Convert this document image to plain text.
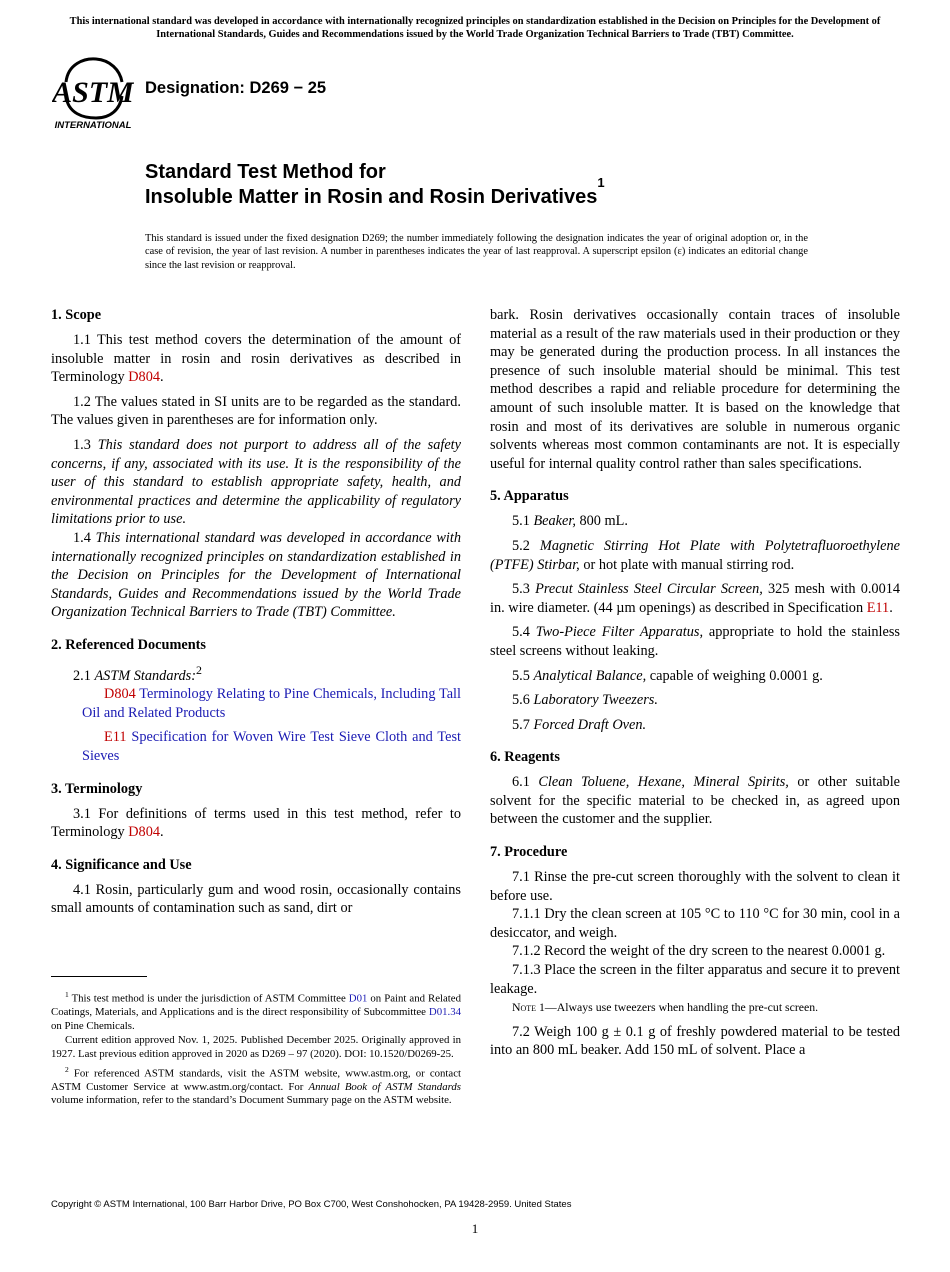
This international standard was developed in accordance with internationally recognized principles on standardization established in the Decision on Principles for the Development of International Standards, Guides and Recommendations issued by the World Trade Organization Technical Barriers to Trade (TBT) Committee.
ASTM
INTERNATIONAL
Designation: D269 − 25
Standard Test Method for
Insoluble Matter in Rosin and Rosin Derivatives$^1$
This standard is issued under the fixed designation D269; the number immediately following the designation indicates the year of original adoption or, in the case of revision, the year of last revision. A number in parentheses indicates the year of last reapproval. A superscript epsilon (ε) indicates an editorial change since the last revision or reapproval.
1. Scope

1.1 This test method covers the determination of the amount of insoluble matter in rosin and rosin derivatives as described in Terminology D804.

1.2 The values stated in SI units are to be regarded as the standard. The values given in parentheses are for information only.

1.3 This standard does not purport to address all of the safety concerns, if any, associated with its use. It is the responsibility of the user of this standard to establish appropriate safety, health, and environmental practices and determine the applicability of regulatory limitations prior to use.

1.4 This international standard was developed in accordance with internationally recognized principles on standardization established in the Decision on Principles for the Development of International Standards, Guides and Recommendations issued by the World Trade Organization Technical Barriers to Trade (TBT) Committee.

2. Referenced Documents

2.1 ASTM Standards:$^2$

D804 Terminology Relating to Pine Chemicals, Including Tall Oil and Related Products

E11 Specification for Woven Wire Test Sieve Cloth and Test Sieves

3. Terminology

3.1 For definitions of terms used in this test method, refer to Terminology D804.

4. Significance and Use

4.1 Rosin, particularly gum and wood rosin, occasionally contains small amounts of contamination such as sand, dirt or

$^1$ This test method is under the jurisdiction of ASTM Committee D01 on Paint and Related Coatings, Materials, and Applications and is the direct responsibility of Subcommittee D01.34 on Pine Chemicals.

Current edition approved Nov. 1, 2025. Published December 2025. Originally approved in 1927. Last previous edition approved in 2020 as D269 – 97 (2020). DOI: 10.1520/D0269-25.

$^2$ For referenced ASTM standards, visit the ASTM website, www.astm.org, or contact ASTM Customer Service at www.astm.org/contact. For Annual Book of ASTM Standards volume information, refer to the standard’s Document Summary page on the ASTM website.

bark. Rosin derivatives occasionally contain traces of insoluble material as a result of the raw materials used in their production or they may be generated during the production process. In all instances the presence of such insoluble material should be minimal. This test method describes a rapid and reliable procedure for determining the amount of such insoluble matter. It is based on the knowledge that rosin and most of its derivatives are soluble in numerous organic solvents whereas most common contaminants are not. It is especially useful for internal quality control rather than sales specifications.

5. Apparatus

5.1 Beaker, 800 mL.

5.2 Magnetic Stirring Hot Plate with Polytetrafluoroethylene (PTFE) Stirbar, or hot plate with manual stirring rod.

5.3 Precut Stainless Steel Circular Screen, 325 mesh with 0.0014 in. wire diameter. (44 µm openings) as described in Specification E11.

5.4 Two-Piece Filter Apparatus, appropriate to hold the stainless steel screens without leaking.

5.5 Analytical Balance, capable of weighing 0.0001 g.

5.6 Laboratory Tweezers.

5.7 Forced Draft Oven.

6. Reagents

6.1 Clean Toluene, Hexane, Mineral Spirits, or other suitable solvent for the specific material to be checked in, as agreed upon between the customer and the supplier.

7. Procedure

7.1 Rinse the pre-cut screen thoroughly with the solvent to clean it before use.

7.1.1 Dry the clean screen at 105 °C to 110 °C for 30 min, cool in a desiccator, and weigh.

7.1.2 Record the weight of the dry screen to the nearest 0.0001 g.

7.1.3 Place the screen in the filter apparatus and secure it to prevent leakage.

Note 1—Always use tweezers when handling the pre-cut screen.

7.2 Weigh 100 g ± 0.1 g of freshly powdered material to be tested into an 800 mL beaker. Add 150 mL of solvent. Place a

Copyright © ASTM International, 100 Barr Harbor Drive, PO Box C700, West Conshohocken, PA 19428-2959. United States
1
